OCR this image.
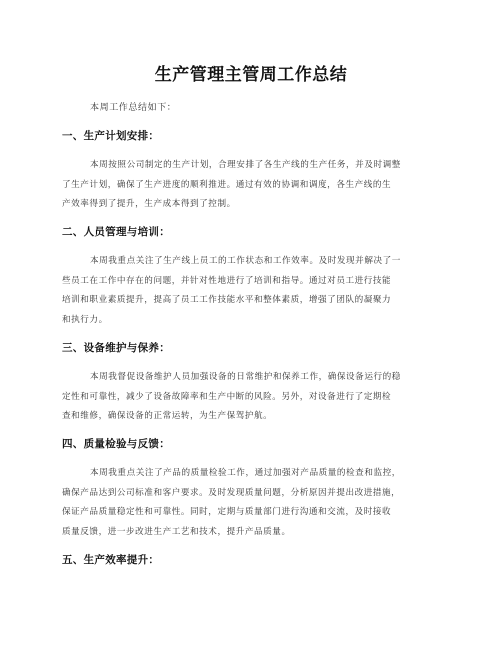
生产管理主管周工作总结

本周工作总结如下：

一、生产计划安排：
本周按照公司制定的生产计划，合理安排了各生产线的生产任务，并及时调整
了生产计划，确保了生产进度的顺利推进。通过有效的协调和调度，各生产线的生
产效率得到了提升，生产成本得到了控制。
二、人员管理与培训：
本周我重点关注了生产线上员工的工作状态和工作效率。及时发现并解决了一
些员工在工作中存在的问题，并针对性地进行了培训和指导。通过对员工进行技能
培训和职业素质提升，提高了员工工作技能水平和整体素质，增强了团队的凝聚力
和执行力。
三、设备维护与保养：
本周我督促设备维护人员加强设备的日常维护和保养工作，确保设备运行的稳
定性和可靠性，减少了设备故障率和生产中断的风险。另外，对设备进行了定期检
查和维修，确保设备的正常运转，为生产保驾护航。
四、质量检验与反馈：
本周我重点关注了产品的质量检验工作，通过加强对产品质量的检查和监控，
确保产品达到公司标准和客户要求。及时发现质量问题，分析原因并提出改进措施，
保证产品质量稳定性和可靠性。同时，定期与质量部门进行沟通和交流，及时接收
质量反馈，进一步改进生产工艺和技术，提升产品质量。
五、生产效率提升：
